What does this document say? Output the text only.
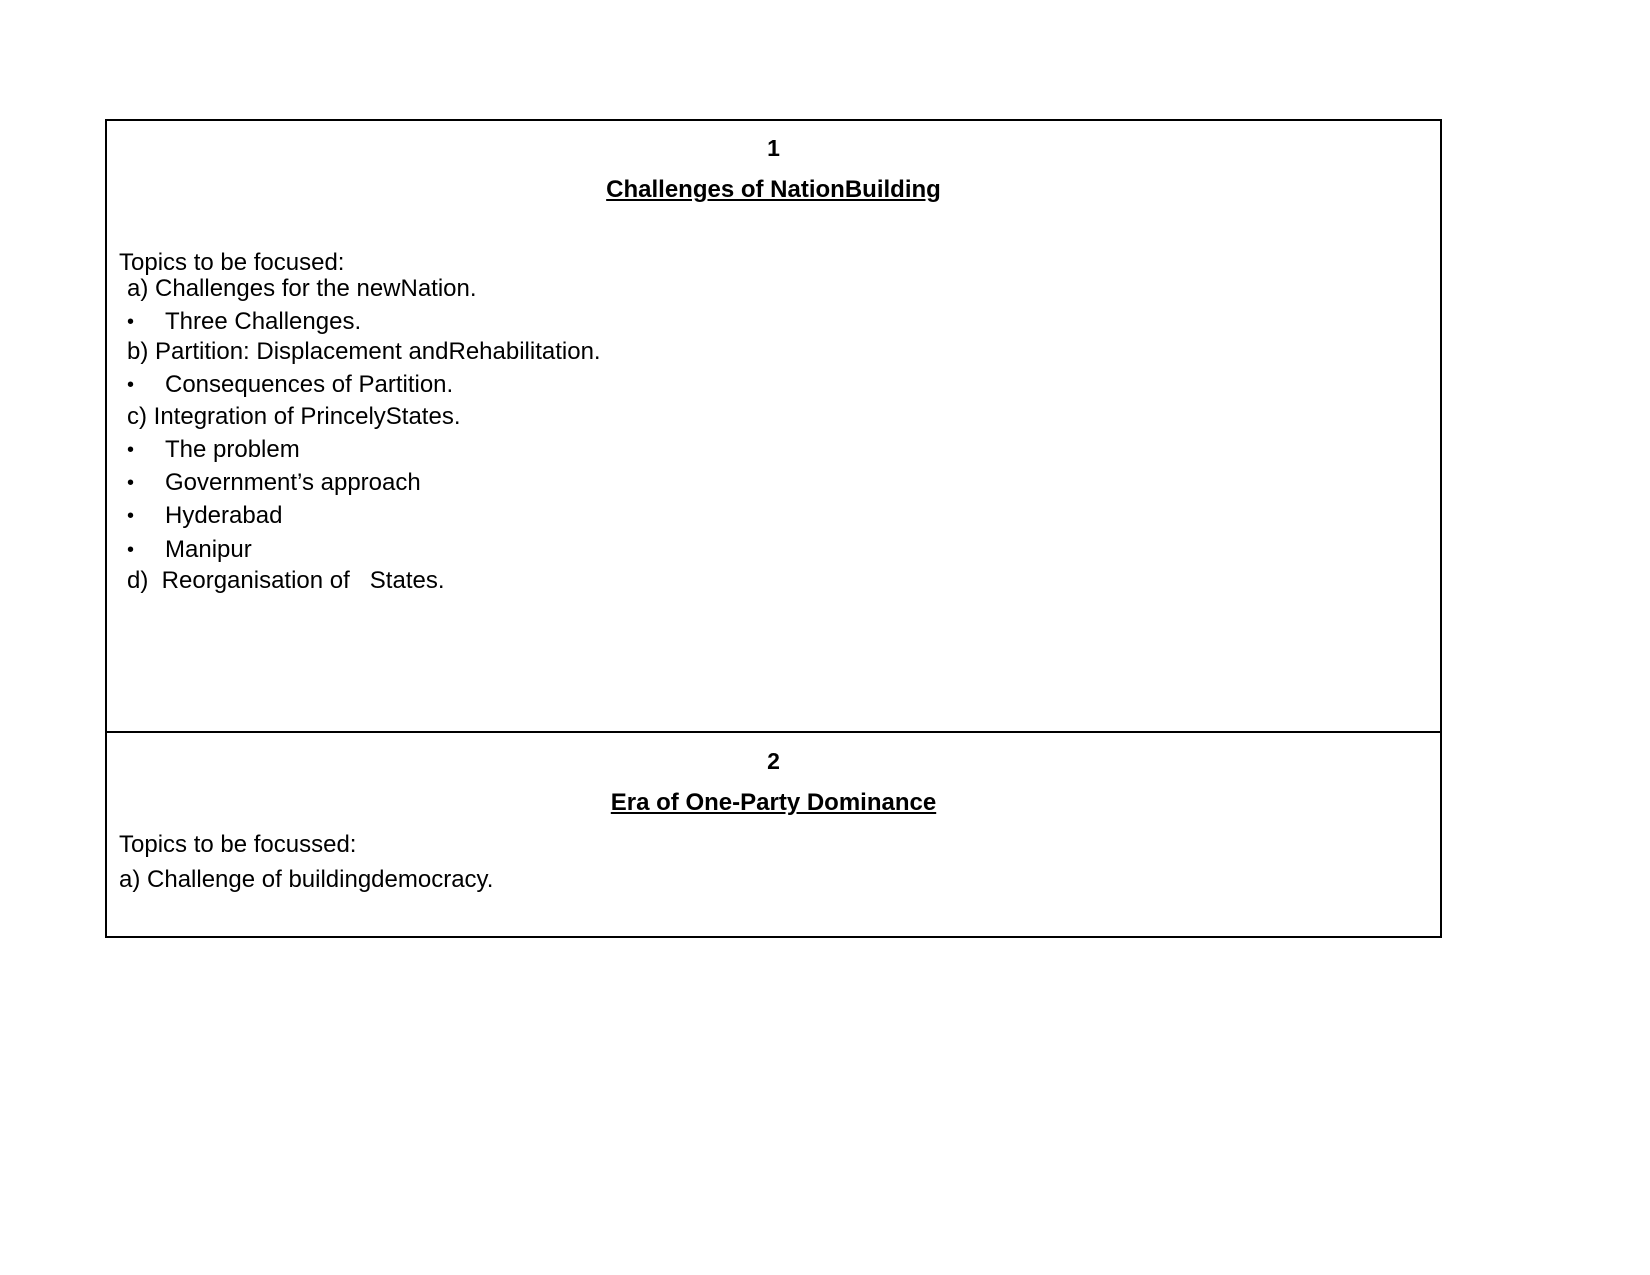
1
Challenges of NationBuilding
Topics to be focused:
a) Challenges for the newNation.

•

Three Challenges.

b) Partition: Displacement andRehabilitation.

•

Consequences of Partition.

c) Integration of PrincelyStates.

•

The problem

•

Government’s approach

•

Hyderabad

•

Manipur

d)  Reorganisation of   States.
2
Era of One-Party Dominance
Topics to be focussed:
a) Challenge of buildingdemocracy.
